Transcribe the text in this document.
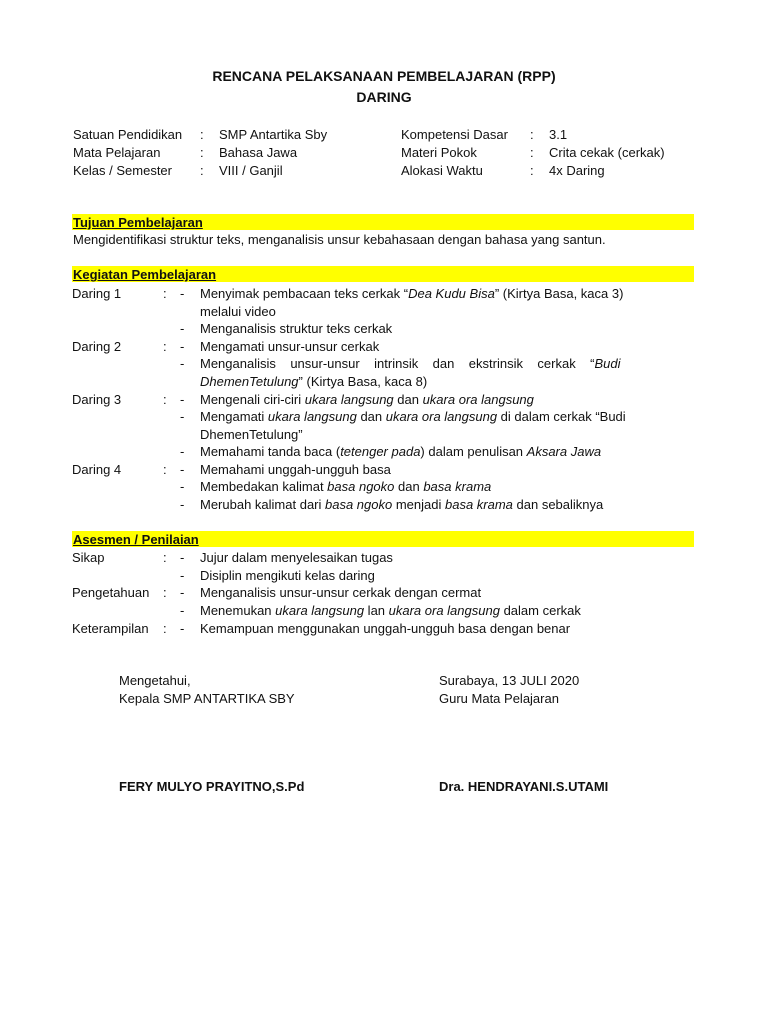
RENCANA PELAKSANAAN PEMBELAJARAN (RPP)
DARING
Satuan Pendidikan : SMP Antartika Sby	Kompetensi Dasar : 3.1
Mata Pelajaran	: Bahasa Jawa	Materi Pokok	: Crita cekak (cerkak)
Kelas / Semester : VIII / Ganjil	Alokasi Waktu	: 4x Daring
Tujuan Pembelajaran
Mengidentifikasi struktur teks, menganalisis unsur kebahasaan dengan bahasa yang santun.
Kegiatan Pembelajaran
Daring 1	: - Menyimak pembacaan teks cerkak “Dea Kudu Bisa” (Kirtya Basa, kaca 3)
melalui video
- Menganalisis struktur teks cerkak
Daring 2	: - Mengamati unsur-unsur cerkak
- Menganalisis    unsur-unsur    intrinsik    dan    ekstrinsik    cerkak    “Budi
DhemenTetulung” (Kirtya Basa, kaca 8)
Daring 3	: - Mengenali ciri-ciri ukara langsung dan ukara ora langsung
- Mengamati ukara langsung dan ukara ora langsung di dalam cerkak “Budi
DhemenTetulung”
- Memahami tanda baca (tetenger pada) dalam penulisan Aksara Jawa
Daring 4	: - Memahami unggah-ungguh basa
- Membedakan kalimat basa ngoko dan basa krama
- Merubah kalimat dari basa ngoko menjadi basa krama dan sebaliknya
Asesmen / Penilaian
Sikap	: - Jujur dalam menyelesaikan tugas
- Disiplin mengikuti kelas daring
Pengetahuan : - Menganalisis unsur-unsur cerkak dengan cermat
- Menemukan ukara langsung lan ukara ora langsung dalam cerkak
Keterampilan : - Kemampuan menggunakan unggah-ungguh basa dengan benar
Mengetahui,
Kepala SMP ANTARTIKA SBY
FERY MULYO PRAYITNO,S.Pd
Surabaya, 13 JULI 2020
Guru Mata Pelajaran
Dra. HENDRAYANI.S.UTAMI
